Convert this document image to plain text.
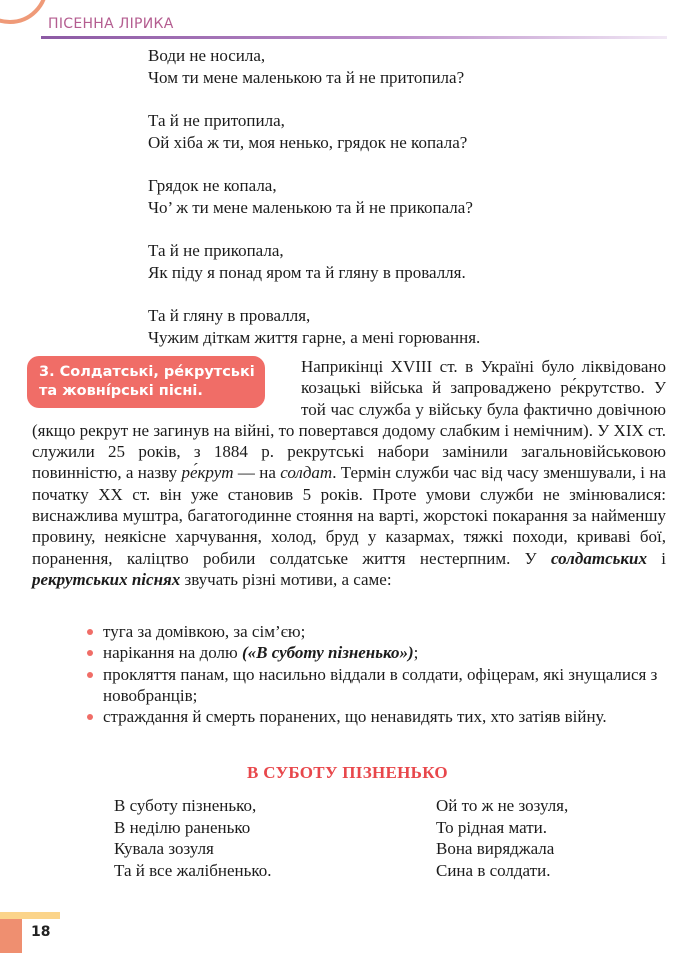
ПІСЕННА ЛІРИКА
Води не носила,
Чом ти мене маленькою та й не притопила?
Та й не притопила,
Ой хіба ж ти, моя ненько, грядок не копала?
Грядок не копала,
Чо’ ж ти мене маленькою та й не прикопала?
Та й не прикопала,
Як піду я понад яром та й гляну в провалля.
Та й гляну в провалля,
Чужим діткам життя гарне, а мені горювання.
3. Солдатські, ре́крутські
та жовні́рські пісні.
Наприкінці XVIII ст. в Україні було ліквідовано козацькі війська й запроваджено ре́крутство. У той час служба у війську була фактично довічною (якщо рекрут не загинув на війні, то повертався додому слабким і немічним). У XIX ст. служили 25 років, з 1884 р. рекрутські набори замінили загальновійськовою повинністю, а назву ре́крут — на солдат. Термін служби час від часу зменшували, і на початку XX ст. він уже становив 5 років. Проте умови служби не змінювалися: виснажлива муштра, багатогодинне стояння на варті, жорстокі покарання за найменшу провину, неякісне харчування, холод, бруд у казармах, тяжкі походи, криваві бої, поранення, каліцтво робили солдатське життя нестерпним. У солдатських і рекрутських піснях звучать різні мотиви, а саме:
туга за домівкою, за сім’єю;
нарікання на долю («В суботу пізненько»);
прокляття панам, що насильно віддали в солдати, офіцерам, які знущалися з новобранців;
страждання й смерть поранених, що ненавидять тих, хто затіяв війну.
В СУБОТУ ПІЗНЕНЬКО
В суботу пізненько,
В неділю раненько
Кувала зозуля
Та й все жалібненько.
Ой то ж не зозуля,
То рідная мати.
Вона виряджала
Сина в солдати.
18
